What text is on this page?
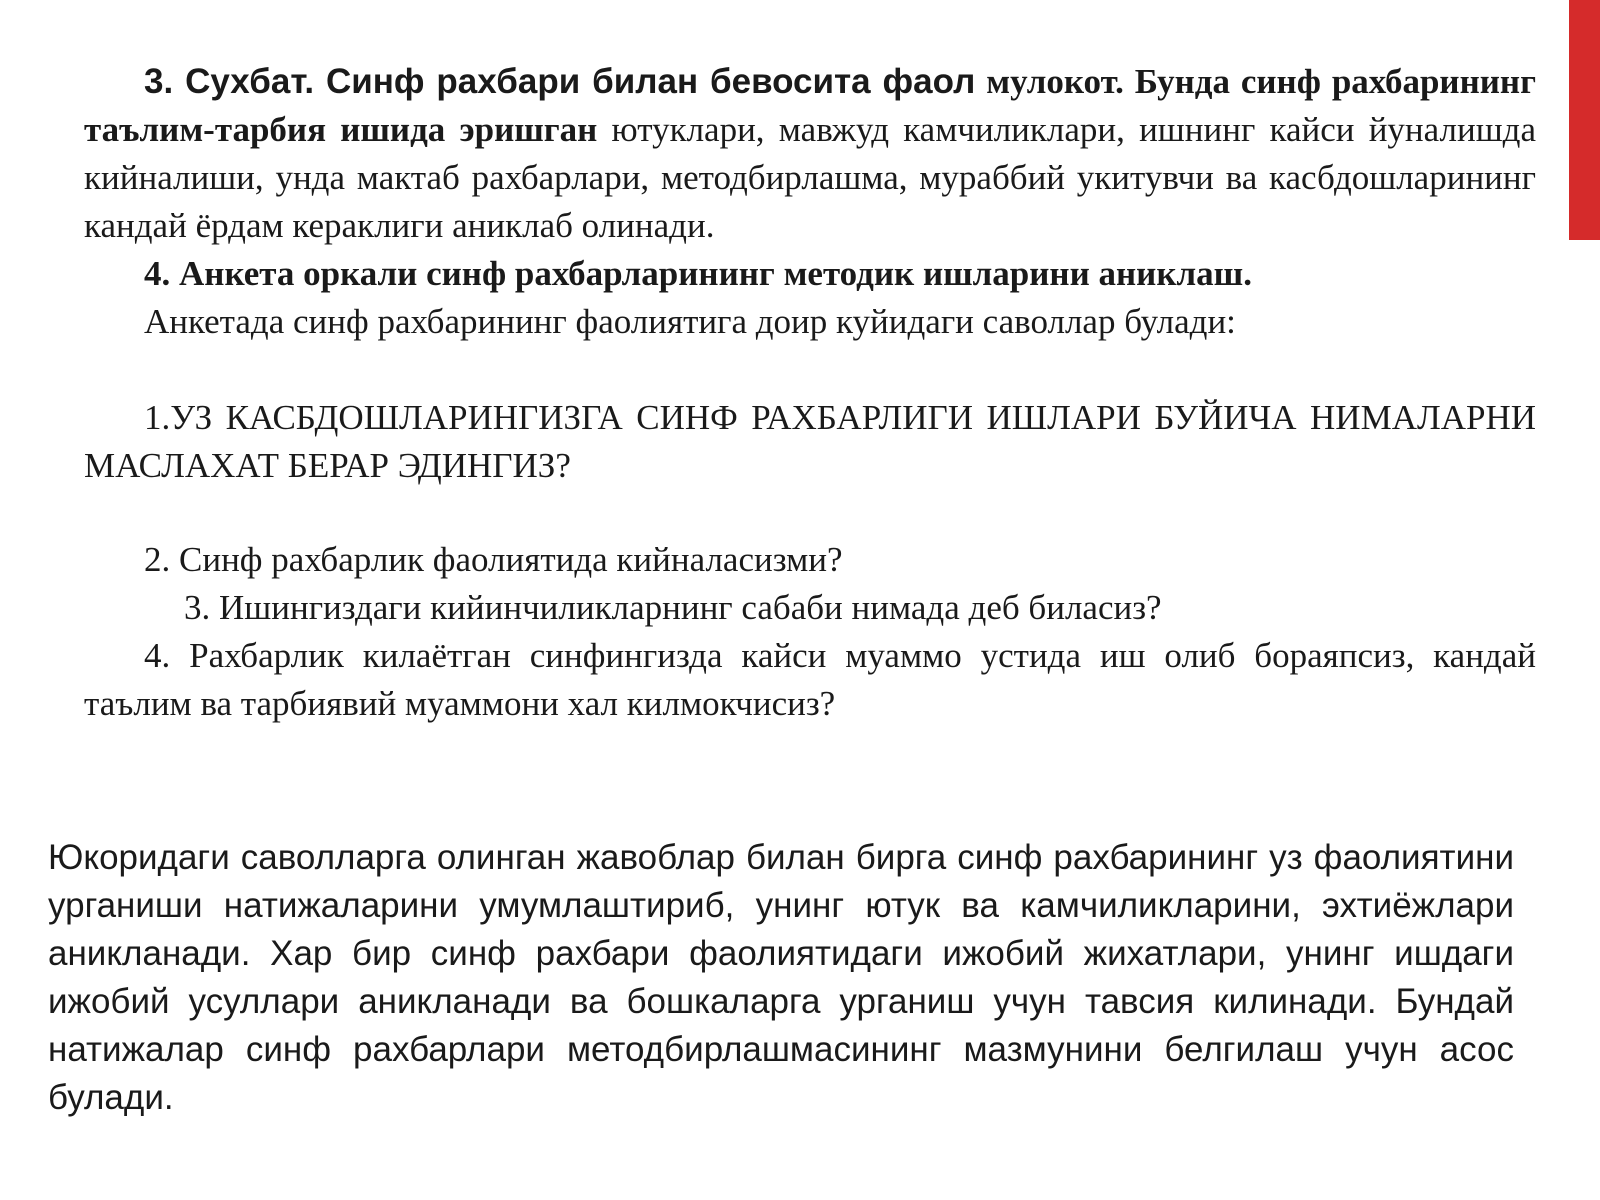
3. Сухбат. Синф рахбари билан бевосита фаол мулокот. Бунда синф рахбарининг таълим-тарбия ишида эришган ютуклари, мавжуд камчиликлари, ишнинг кайси йуналишда кийналиши, унда мактаб рахбарлари, методбирлашма, мураббий укитувчи ва касбдошларининг кандай ёрдам кераклиги аниклаб олинади.

4. Анкета оркали синф рахбарларининг методик ишларини аниклаш.

Анкетада синф рахбарининг фаолиятига доир куйидаги саволлар булади:

1.УЗ КАСБДОШЛАРИНГИЗГА СИНФ РАХБАРЛИГИ ИШЛАРИ БУЙИЧА НИМАЛАРНИ МАСЛАХАТ БЕРАР ЭДИНГИЗ?

2. Синф рахбарлик фаолиятида кийналасизми?

3. Ишингиздаги кийинчиликларнинг сабаби нимада деб биласиз?

4. Рахбарлик килаётган синфингизда кайси муаммо устида иш олиб бораяпсиз, кандай таълим ва тарбиявий муаммони хал килмокчисиз?

Юкоридаги саволларга олинган жавоблар билан бирга синф рахбарининг уз фаолиятини урганиши натижаларини умумлаштириб, унинг ютук ва камчиликларини, эхтиёжлари аникланади. Хар бир синф рахбари фаолиятидаги ижобий жихатлари, унинг ишдаги ижобий усуллари аникланади ва бошкаларга урганиш учун тавсия килинади. Бундай натижалар синф рахбарлари методбирлашмасининг мазмунини белгилаш учун асос булади.
